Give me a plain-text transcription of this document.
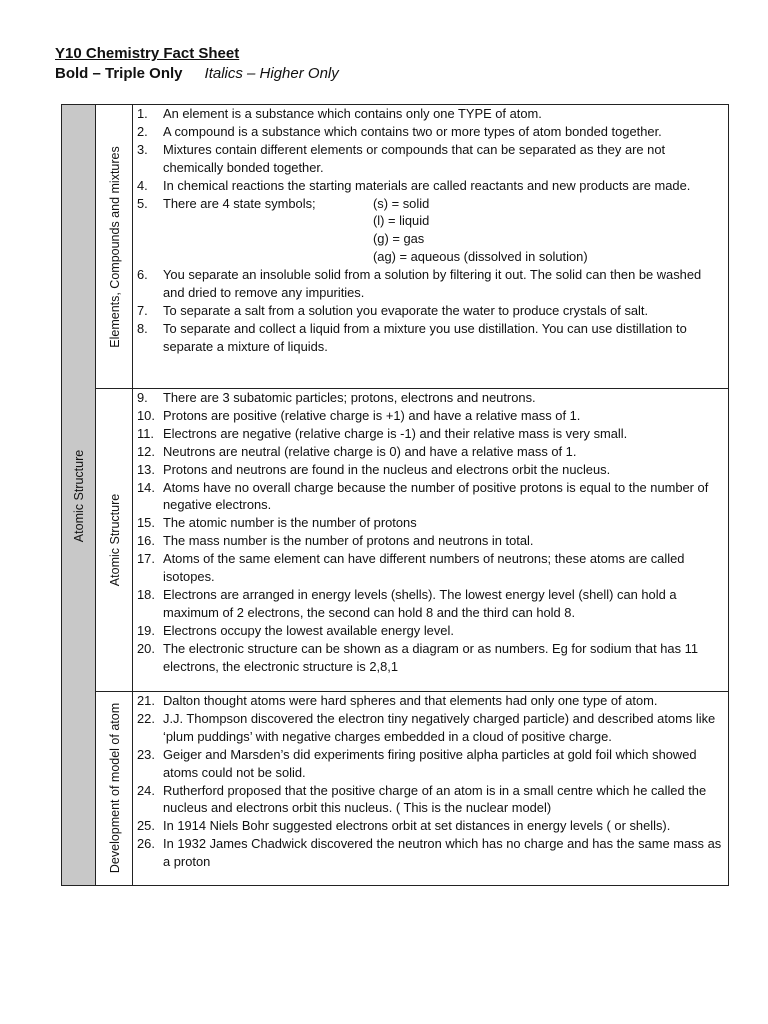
Y10 Chemistry Fact Sheet
Bold – Triple Only Italics – Higher Only
Atomic Structure
Elements, Compounds and mixtures
1.	An element is a substance which contains only one TYPE of atom.
2.	A compound is a substance which contains two or more types of atom bonded together.
3.	Mixtures contain different elements or compounds that can be separated as they are not chemically bonded together.
4.	In chemical reactions the starting materials are called reactants and new products are made.
5.	There are 4 state symbols;	(s) = solid
(l) = liquid
(g) = gas
(ag) = aqueous (dissolved in solution)
6.	You separate an insoluble solid from a solution by filtering it out. The solid can then be washed and dried to remove any impurities.
7.	To separate a salt from a solution you evaporate the water to produce crystals of salt.
8.	To separate and collect a liquid from a mixture you use distillation. You can use distillation to separate a mixture of liquids.
Atomic Structure
9.	There are 3 subatomic particles; protons, electrons and neutrons.
10. Protons are positive (relative charge is +1) and have a relative mass of 1.
11. Electrons are negative (relative charge is -1) and their relative mass is very small.
12. Neutrons are neutral (relative charge is 0) and have a relative mass of 1.
13. Protons and neutrons are found in the nucleus and electrons orbit the nucleus.
14. Atoms have no overall charge because the number of positive protons is equal to the number of negative electrons.
15. The atomic number is the number of protons
16. The mass number is the number of protons and neutrons in total.
17. Atoms of the same element can have different numbers of neutrons; these atoms are called isotopes.
18. Electrons are arranged in energy levels (shells). The lowest energy level (shell) can hold a maximum of 2 electrons, the second can hold 8 and the third can hold 8.
19. Electrons occupy the lowest available energy level.
20. The electronic structure can be shown as a diagram or as numbers. Eg for sodium that has 11 electrons, the electronic structure is 2,8,1
Development of model of atom
21. Dalton thought atoms were hard spheres and that elements had only one type of atom.
22. J.J. Thompson discovered the electron tiny negatively charged particle) and described atoms like ‘plum puddings’ with negative charges embedded in a cloud of positive charge.
23. Geiger and Marsden’s did experiments firing positive alpha particles at gold foil which showed atoms could not be solid.
24. Rutherford proposed that the positive charge of an atom is in a small centre which he called the nucleus and electrons orbit this nucleus. ( This is the nuclear model)
25. In 1914 Niels Bohr suggested electrons orbit at set distances in energy levels ( or shells).
26. In 1932 James Chadwick discovered the neutron which has no charge and has the same mass as a proton
